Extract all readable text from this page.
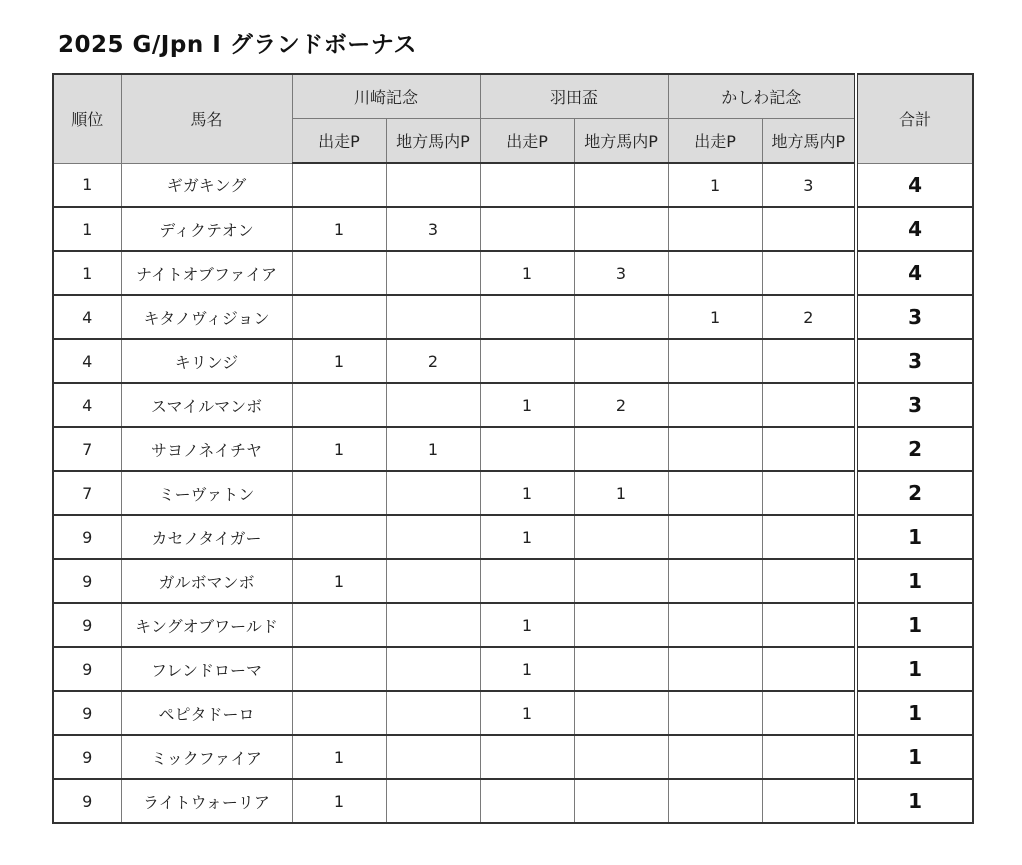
2025 G/Jpn Ⅰ グランドボーナス
順位	馬名	川崎記念		羽田盃		かしわ記念		合計
		出走P	地方馬内P	出走P	地方馬内P	出走P	地方馬内P	
1	ギガキング					1	3	4
1	ディクテオン	1	3					4
1	ナイトオブファイア			1	3			4
4	キタノヴィジョン					1	2	3
4	キリンジ	1	2					3
4	スマイルマンボ			1	2			3
7	サヨノネイチヤ	1	1					2
7	ミーヴァトン			1	1			2
9	カセノタイガー			1				1
9	ガルボマンボ	1						1
9	キングオブワールド			1				1
9	フレンドローマ			1				1
9	ペピタドーロ			1				1
9	ミックファイア	1						1
9	ライトウォーリア	1						1
